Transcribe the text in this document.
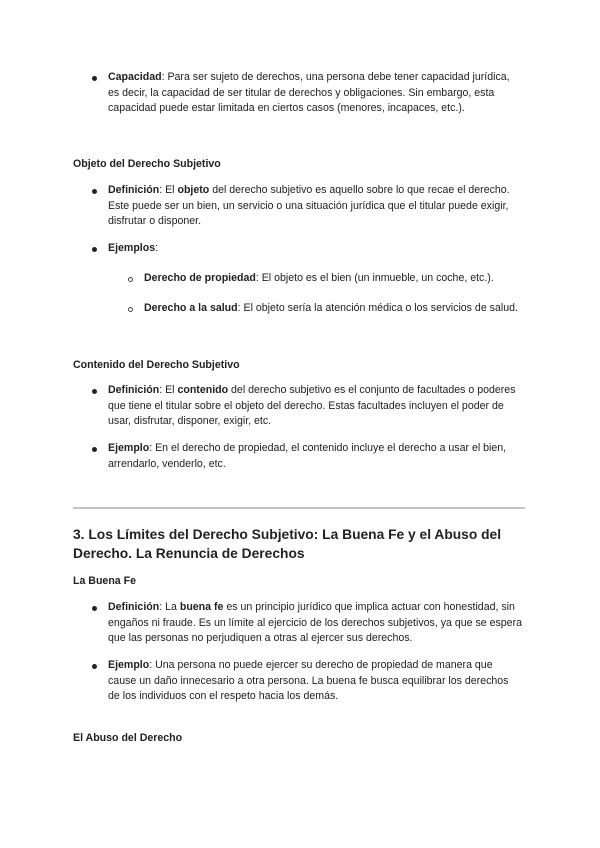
Capacidad: Para ser sujeto de derechos, una persona debe tener capacidad jurídica, es decir, la capacidad de ser titular de derechos y obligaciones. Sin embargo, esta capacidad puede estar limitada en ciertos casos (menores, incapaces, etc.).

Objeto del Derecho Subjetivo

Definición: El objeto del derecho subjetivo es aquello sobre lo que recae el derecho. Este puede ser un bien, un servicio o una situación jurídica que el titular puede exigir, disfrutar o disponer.

Ejemplos:

Derecho de propiedad: El objeto es el bien (un inmueble, un coche, etc.).

Derecho a la salud: El objeto sería la atención médica o los servicios de salud.

Contenido del Derecho Subjetivo

Definición: El contenido del derecho subjetivo es el conjunto de facultades o poderes que tiene el titular sobre el objeto del derecho. Estas facultades incluyen el poder de usar, disfrutar, disponer, exigir, etc.

Ejemplo: En el derecho de propiedad, el contenido incluye el derecho a usar el bien, arrendarlo, venderlo, etc.

3. Los Límites del Derecho Subjetivo: La Buena Fe y el Abuso del Derecho. La Renuncia de Derechos
La Buena Fe

Definición: La buena fe es un principio jurídico que implica actuar con honestidad, sin engaños ni fraude. Es un límite al ejercicio de los derechos subjetivos, ya que se espera que las personas no perjudiquen a otras al ejercer sus derechos.

Ejemplo: Una persona no puede ejercer su derecho de propiedad de manera que cause un daño innecesario a otra persona. La buena fe busca equilibrar los derechos de los individuos con el respeto hacia los demás.

El Abuso del Derecho
